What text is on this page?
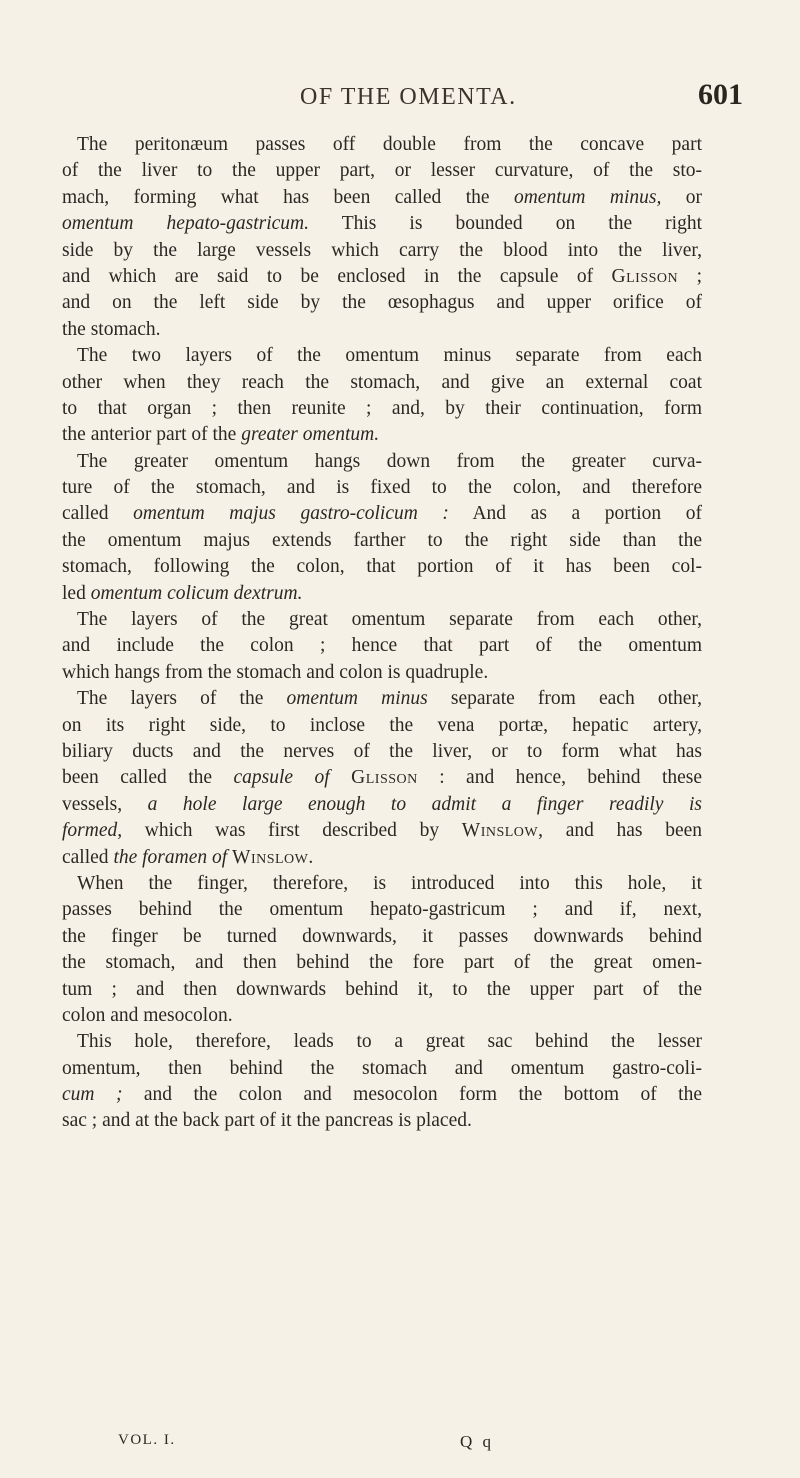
OF THE OMENTA.	601
The peritonæum passes off double from the concave part
of the liver to the upper part, or lesser curvature, of the sto-
mach, forming what has been called the omentum minus, or
omentum hepato-gastricum. This is bounded on the right
side by the large vessels which carry the blood into the liver,
and which are said to be enclosed in the capsule of Glisson ;
and on the left side by the œsophagus and upper orifice of
the stomach.
The two layers of the omentum minus separate from each
other when they reach the stomach, and give an external coat
to that organ ; then reunite ; and, by their continuation, form
the anterior part of the greater omentum.
The greater omentum hangs down from the greater curva-
ture of the stomach, and is fixed to the colon, and therefore
called omentum majus gastro-colicum : And as a portion of
the omentum majus extends farther to the right side than the
stomach, following the colon, that portion of it has been col-
led omentum colicum dextrum.
The layers of the great omentum separate from each other,
and include the colon ; hence that part of the omentum
which hangs from the stomach and colon is quadruple.
The layers of the omentum minus separate from each other,
on its right side, to inclose the vena portæ, hepatic artery,
biliary ducts and the nerves of the liver, or to form what has
been called the capsule of Glisson : and hence, behind these
vessels, a hole large enough to admit a finger readily is
formed, which was first described by Winslow, and has been
called the foramen of Winslow.
When the finger, therefore, is introduced into this hole, it
passes behind the omentum hepato-gastricum ; and if, next,
the finger be turned downwards, it passes downwards behind
the stomach, and then behind the fore part of the great omen-
tum ; and then downwards behind it, to the upper part of the
colon and mesocolon.
This hole, therefore, leads to a great sac behind the lesser
omentum, then behind the stomach and omentum gastro-coli-
cum ; and the colon and mesocolon form the bottom of the
sac ; and at the back part of it the pancreas is placed.
VOL. I.	Q q
